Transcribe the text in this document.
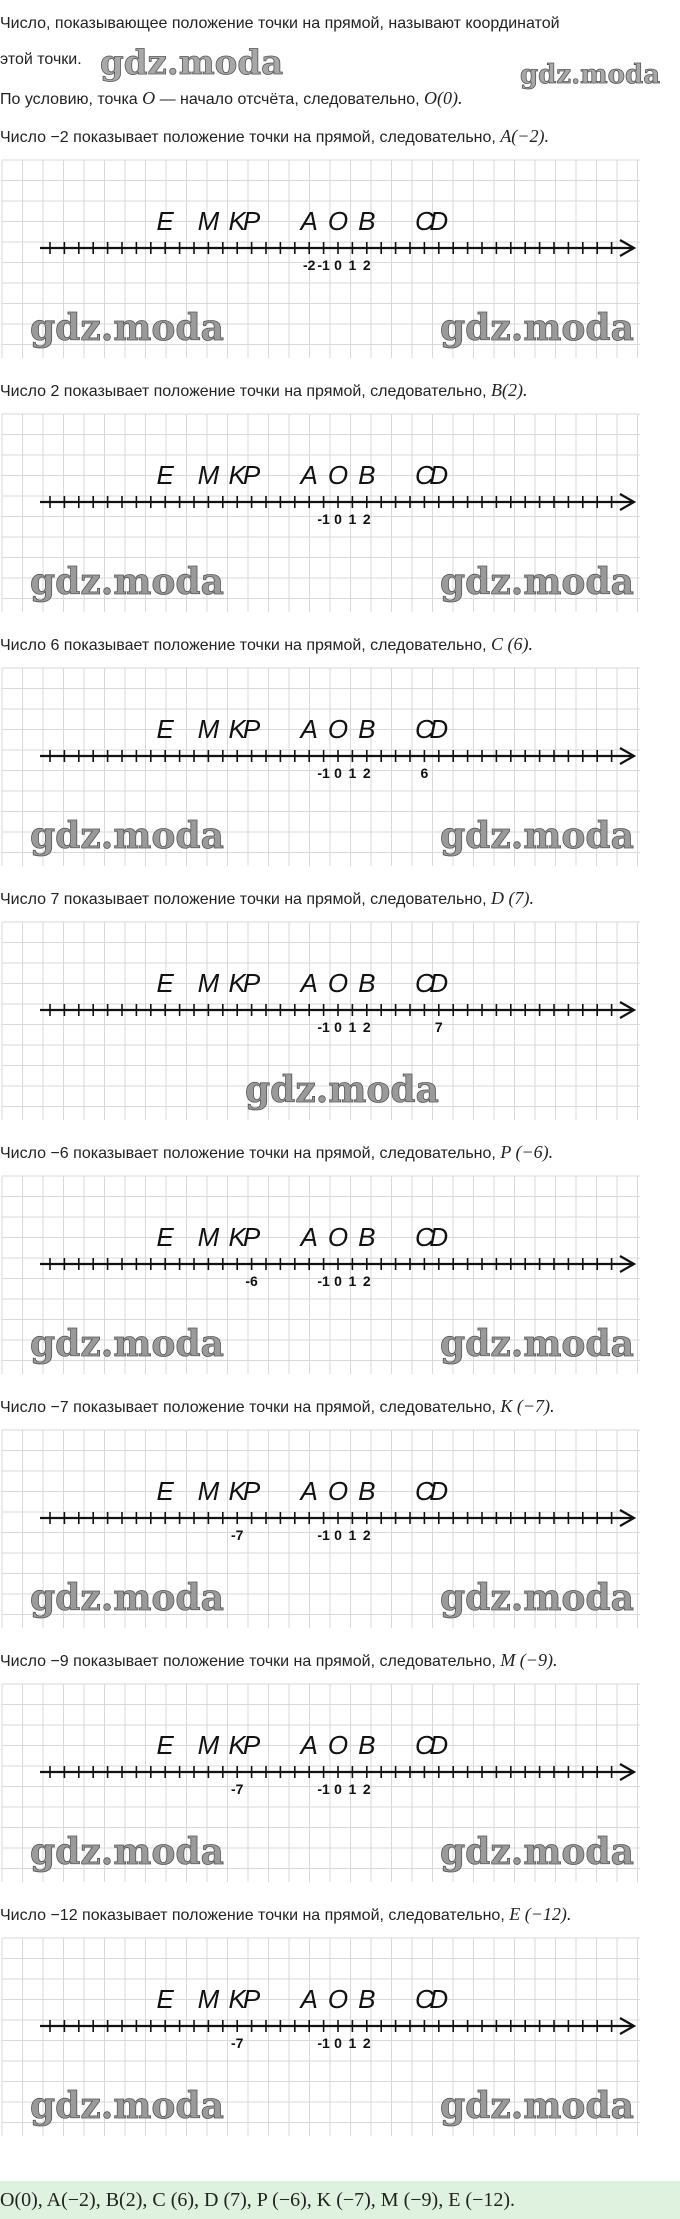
Число, показывающее положение точки на прямой, называют координатой
этой точки. gdz.moda	gdz.moda
По условию, точка O — начало отсчёта, следовательно, O(0).
Число −2 показывает положение точки на прямой, следовательно, A(−2).
E M K
P A O B C
D
-2 -1 0 1 2
gdz.moda	gdz.moda
Число 2 показывает положение точки на прямой, следовательно, B(2).
E M K
P A O B C
D
-1 0 1 2
gdz.moda	gdz.moda
Число 6 показывает положение точки на прямой, следовательно, C (6).
E M K
P A O B C
D
-1 0 1 2	6
gdz.moda	gdz.moda
Число 7 показывает положение точки на прямой, следовательно, D (7).
E M K
P A O B C
D
-1 0 1 2	7
gdz.moda
Число −6 показывает положение точки на прямой, следовательно, P (−6).
E M K
P A O B C
D
-1 0 1 2
-6
gdz.moda	gdz.moda
Число −7 показывает положение точки на прямой, следовательно, K (−7).
E M K
P A O B C
D
-1 0 1 2
-7
gdz.moda	gdz.moda
Число −9 показывает положение точки на прямой, следовательно, M (−9).
E M K
P A O B C
D
-1 0 1 2
-7
gdz.moda	gdz.moda
Число −12 показывает положение точки на прямой, следовательно, E (−12).
E M K
P A O B C
D
-1 0 1 2
-7
gdz.moda	gdz.moda
O(0), A(−2), B(2), C (6), D (7), P (−6), K (−7), M (−9), E (−12).
